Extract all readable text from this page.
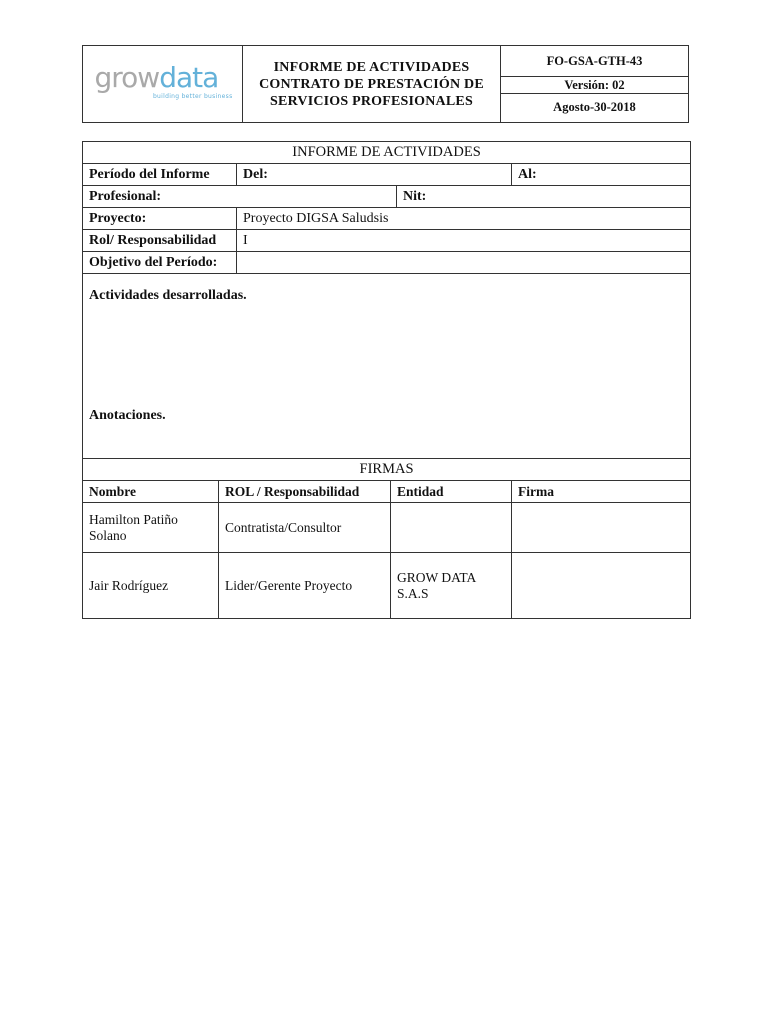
growdata
building better business

INFORME DE ACTIVIDADES
CONTRATO DE PRESTACIÓN DE
SERVICIOS PROFESIONALES
	FO-GSA-GTH-43
Versión: 02
Agosto-30-2018
INFORME DE ACTIVIDADES					
Período del Informe		Del:			Al:
Profesional:				Nit:	
Proyecto:		Proyecto DIGSA Saludsis			
Rol/ Responsabilidad		I			
Objetivo del Período:					

Actividades desarrolladas.
Anotaciones.					

FIRMAS					
Nombre	ROL / Responsabilidad		Entidad		Firma
Hamilton Patiño Solano	Contratista/Consultor				
Jair Rodríguez	Lider/Gerente Proyecto		GROW DATA S.A.S		
